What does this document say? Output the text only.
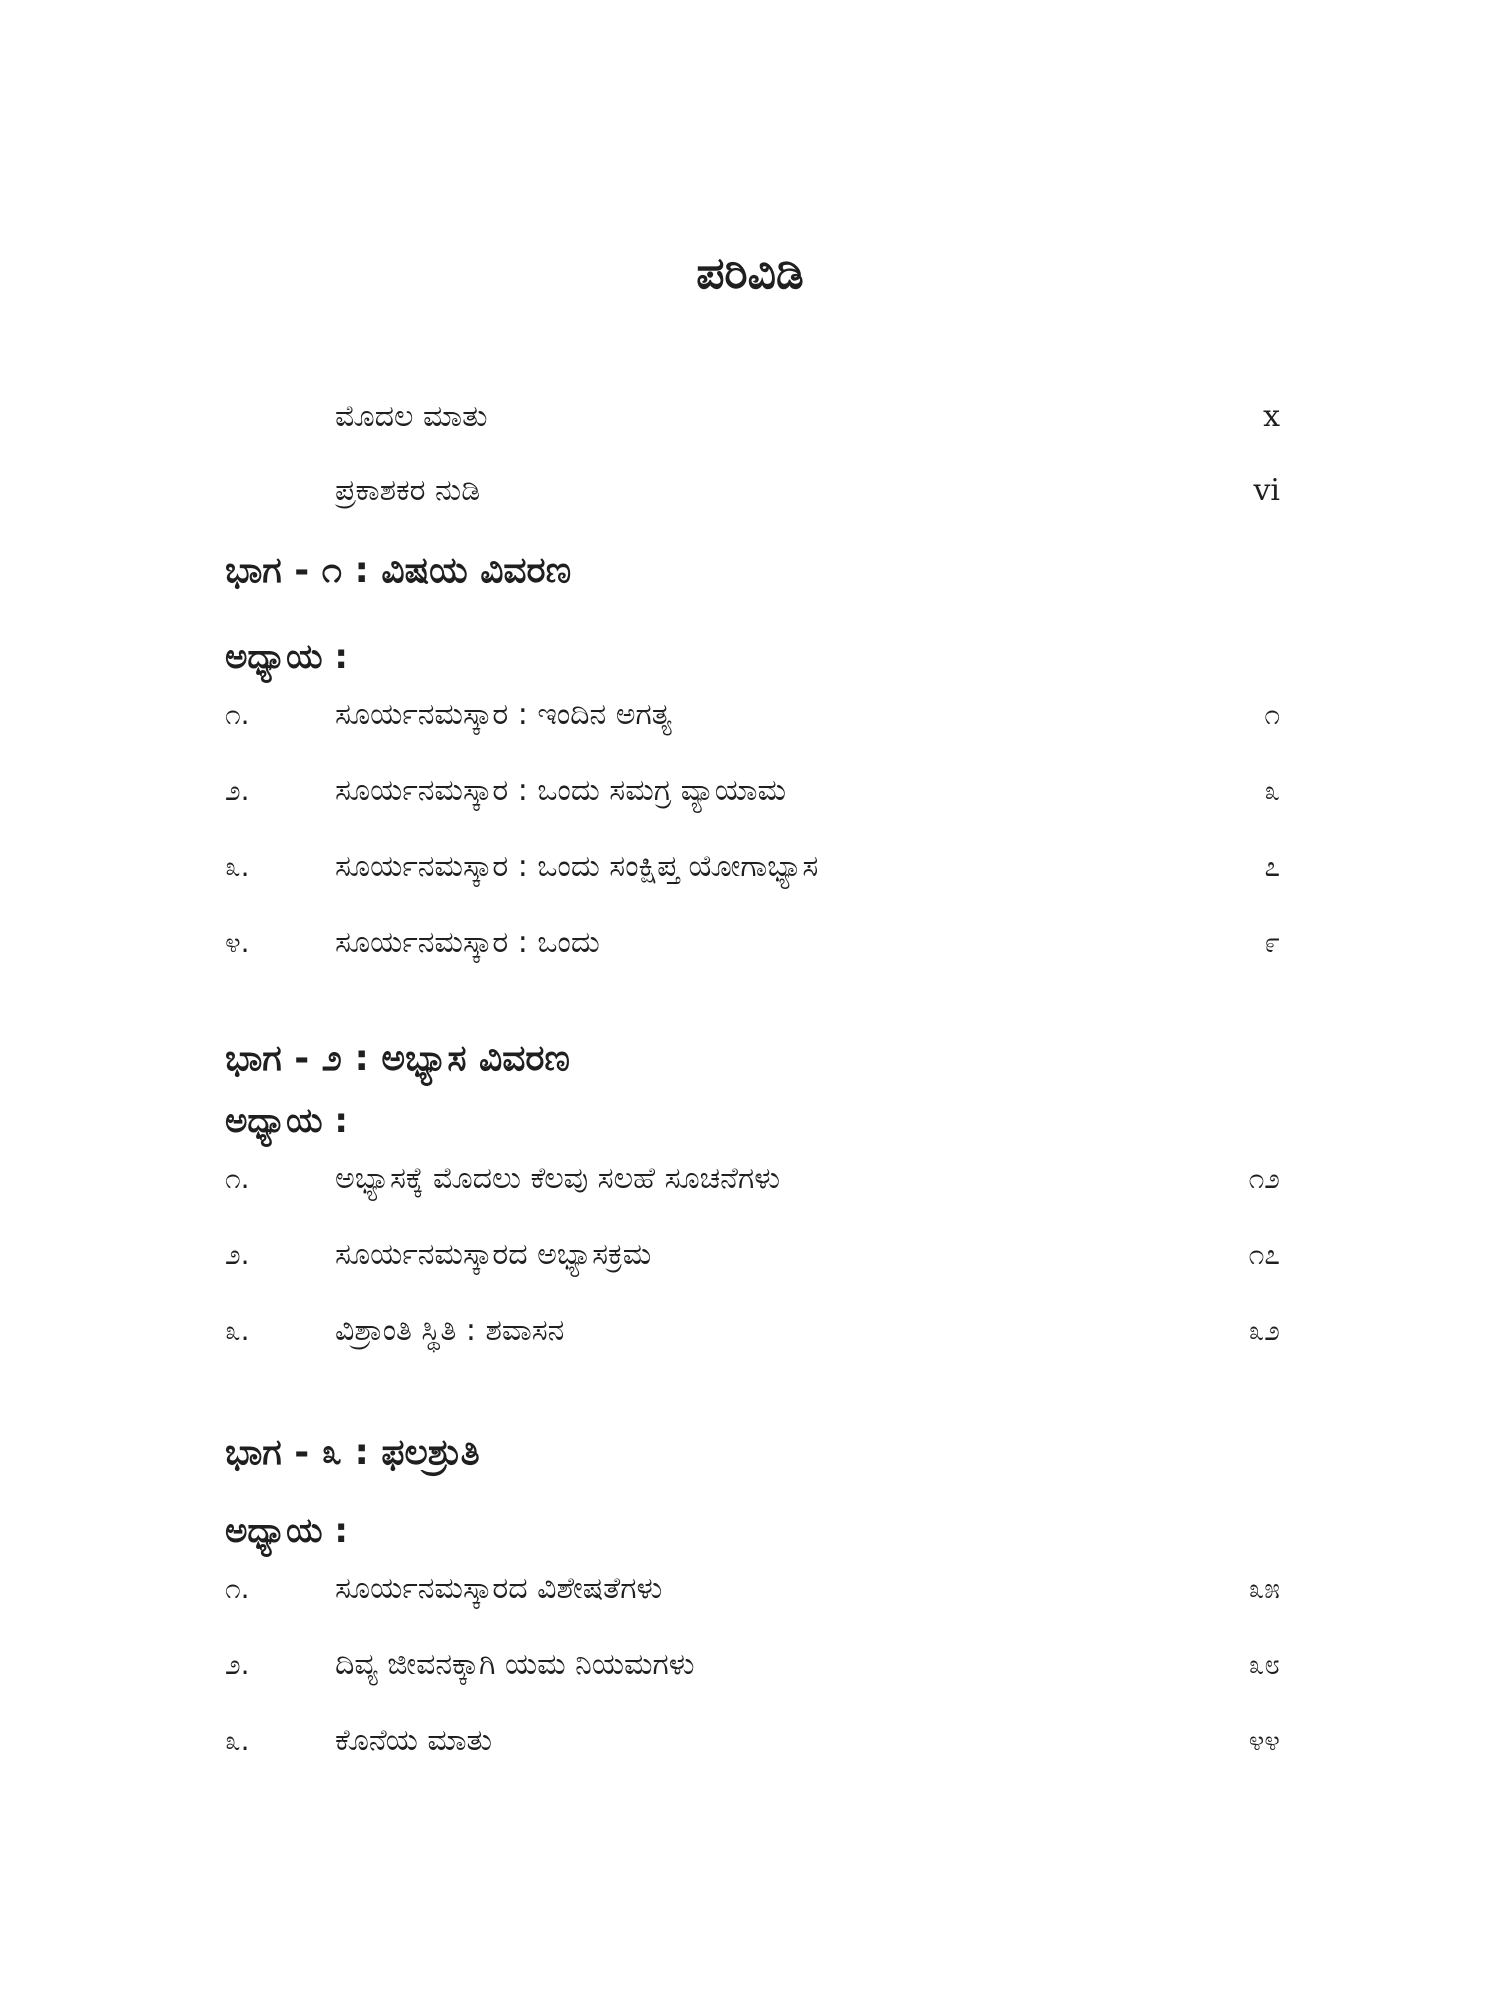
ಪರಿವಿಡಿ
ಮೊದಲ ಮಾತು	x
ಪ್ರಕಾಶಕರ ನುಡಿ	vi
ಭಾಗ - ೧ : ವಿಷಯ ವಿವರಣ
ಅಧ್ಯಾಯ :
೧.	ಸೂರ್ಯನಮಸ್ಕಾರ : ಇಂದಿನ ಅಗತ್ಯ	೧
೨.	ಸೂರ್ಯನಮಸ್ಕಾರ : ಒಂದು ಸಮಗ್ರ ವ್ಯಾಯಾಮ	೩
೩.	ಸೂರ್ಯನಮಸ್ಕಾರ : ಒಂದು ಸಂಕ್ಷಿಪ್ತ ಯೋಗಾಭ್ಯಾಸ	೭
೪.	ಸೂರ್ಯನಮಸ್ಕಾರ : ಒಂದು	೯
ಭಾಗ - ೨ : ಅಭ್ಯಾಸ ವಿವರಣ
ಅಧ್ಯಾಯ :
೧.	ಅಭ್ಯಾಸಕ್ಕೆ ಮೊದಲು ಕೆಲವು ಸಲಹೆ ಸೂಚನೆಗಳು	೧೨
೨.	ಸೂರ್ಯನಮಸ್ಕಾರದ ಅಭ್ಯಾಸಕ್ರಮ	೧೭
೩.	ವಿಶ್ರಾಂತಿ ಸ್ಥಿತಿ : ಶವಾಸನ	೩೨
ಭಾಗ - ೩ : ಫಲಶ್ರುತಿ
ಅಧ್ಯಾಯ :
೧.	ಸೂರ್ಯನಮಸ್ಕಾರದ ವಿಶೇಷತೆಗಳು	೩೫
೨.	ದಿವ್ಯ ಜೀವನಕ್ಕಾಗಿ ಯಮ ನಿಯಮಗಳು	೩೮
೩.	ಕೊನೆಯ ಮಾತು	೪೪
